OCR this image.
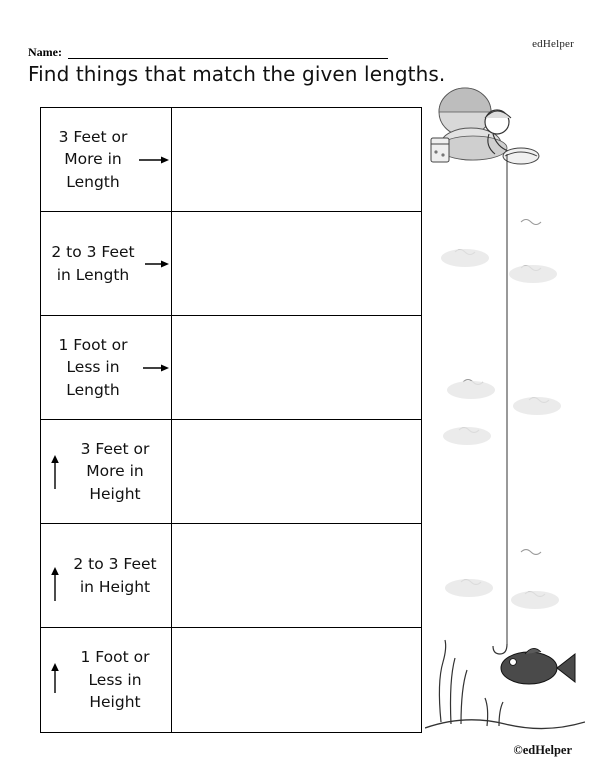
edHelper
Name:
Find things that match the given lengths.
3 Feet or
More in
Length
2 to 3 Feet
in Length
1 Foot or
Less in
Length
3 Feet or
More in
Height
2 to 3 Feet
in Height
1 Foot or
Less in
Height
©edHelper
